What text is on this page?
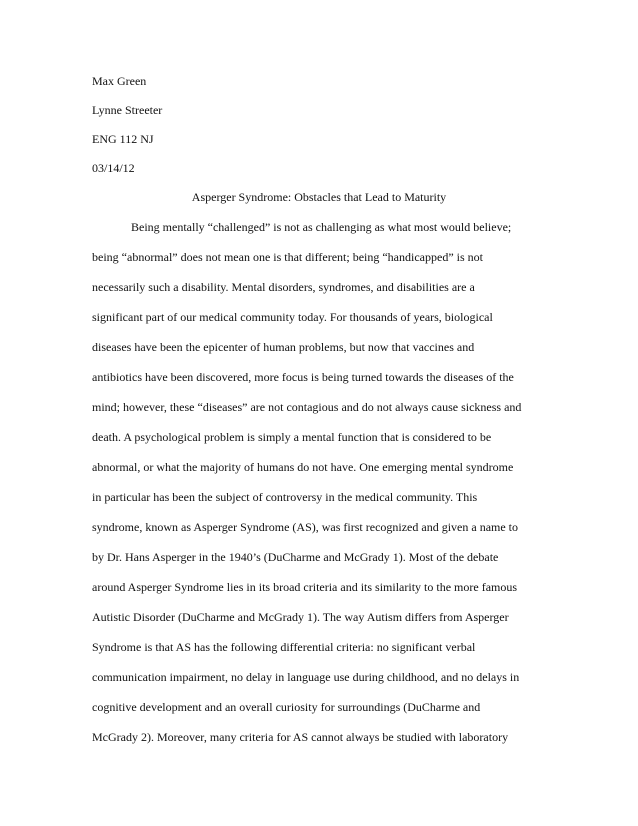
Max Green
Lynne Streeter
ENG 112 NJ
03/14/12
Asperger Syndrome: Obstacles that Lead to Maturity
Being mentally “challenged” is not as challenging as what most would believe;
being “abnormal” does not mean one is that different; being “handicapped” is not
necessarily such a disability. Mental disorders, syndromes, and disabilities are a
significant part of our medical community today. For thousands of years, biological
diseases have been the epicenter of human problems, but now that vaccines and
antibiotics have been discovered, more focus is being turned towards the diseases of the
mind; however, these “diseases” are not contagious and do not always cause sickness and
death. A psychological problem is simply a mental function that is considered to be
abnormal, or what the majority of humans do not have. One emerging mental syndrome
in particular has been the subject of controversy in the medical community. This
syndrome, known as Asperger Syndrome (AS), was first recognized and given a name to
by Dr. Hans Asperger in the 1940’s (DuCharme and McGrady 1). Most of the debate
around Asperger Syndrome lies in its broad criteria and its similarity to the more famous
Autistic Disorder (DuCharme and McGrady 1). The way Autism differs from Asperger
Syndrome is that AS has the following differential criteria: no significant verbal
communication impairment, no delay in language use during childhood, and no delays in
cognitive development and an overall curiosity for surroundings (DuCharme and
McGrady 2). Moreover, many criteria for AS cannot always be studied with laboratory
